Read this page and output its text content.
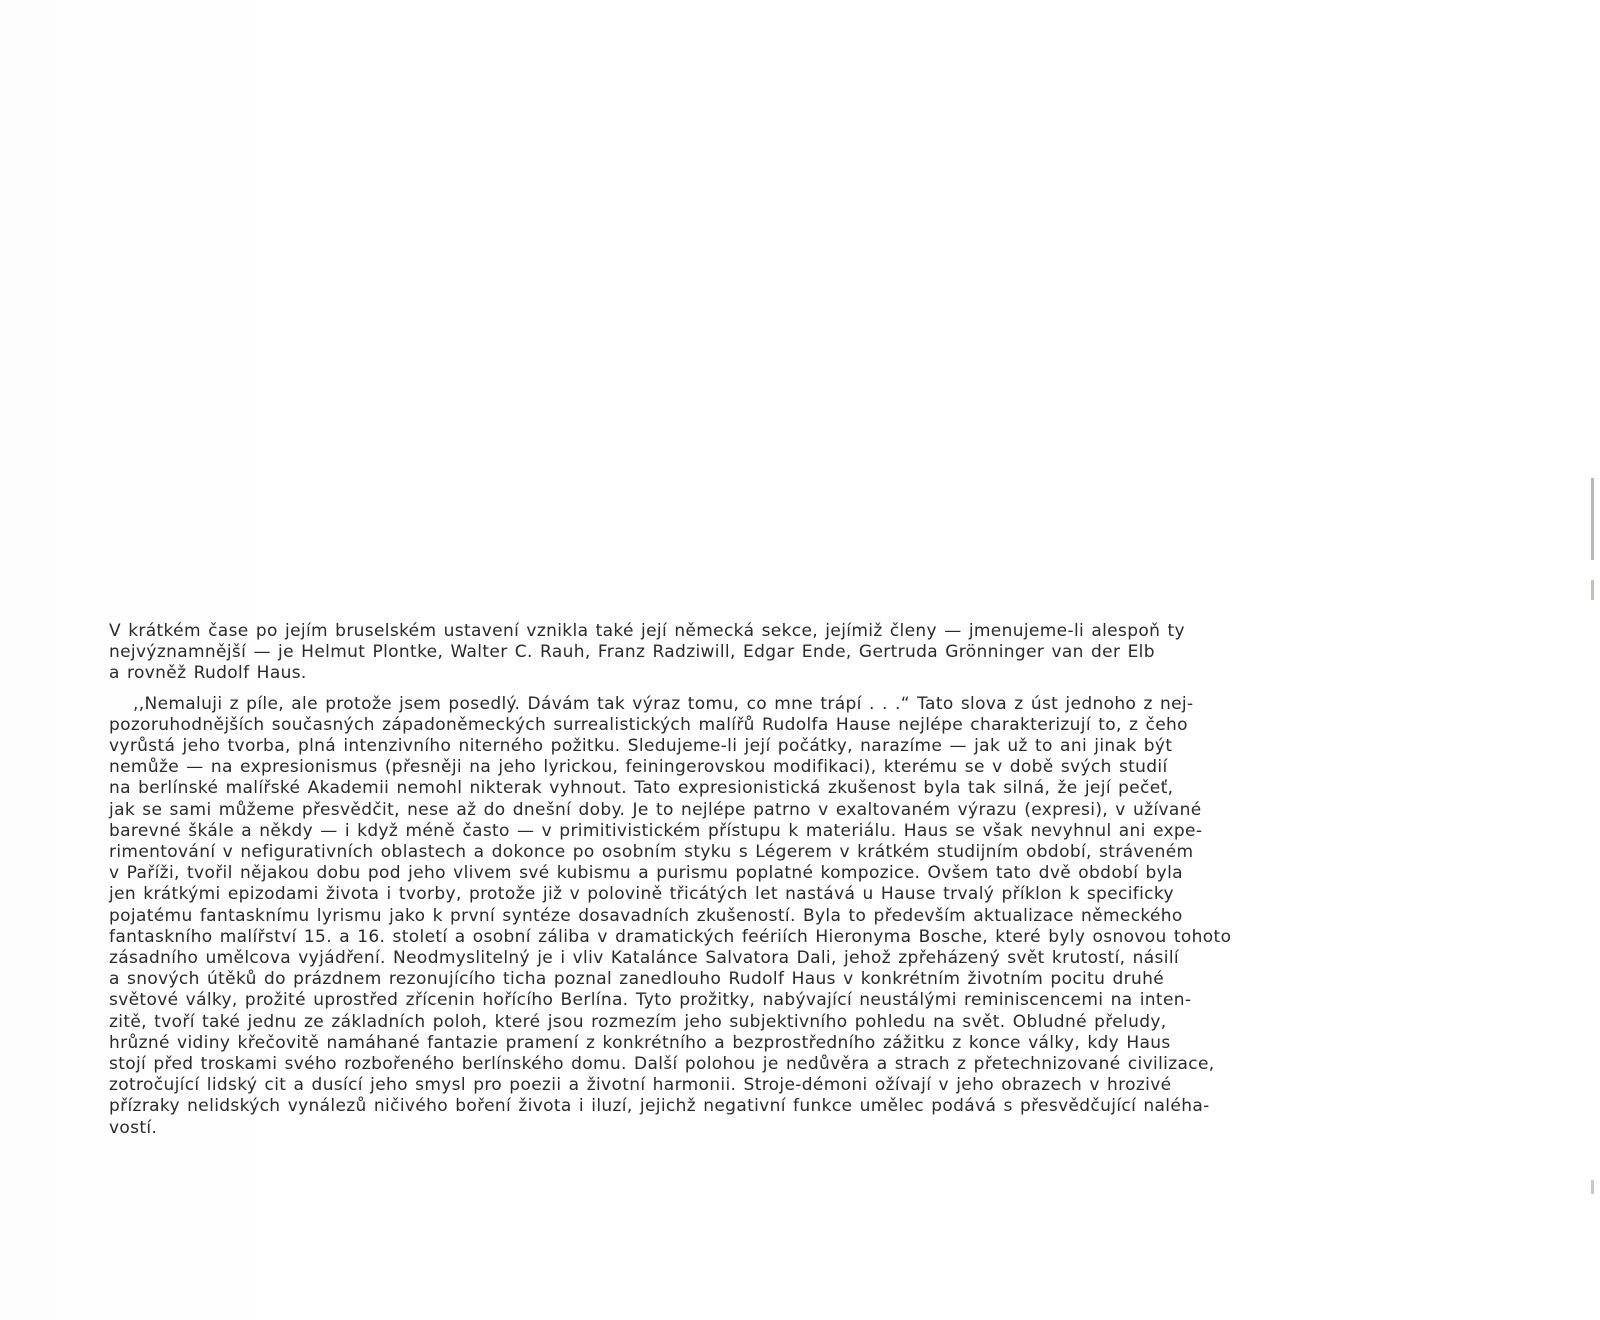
V krátkém čase po jejím bruselském ustavení vznikla také její německá sekce, jejímiž členy — jmenujeme-li alespoň ty
nejvýznamnější — je Helmut Plontke, Walter C. Rauh, Franz Radziwill, Edgar Ende, Gertruda Grönninger van der Elb
a rovněž Rudolf Haus.

,,Nemaluji z píle, ale protože jsem posedlý. Dávám tak výraz tomu, co mne trápí . . .“ Tato slova z úst jednoho z nej-
pozoruhodnějších současných západoněmeckých surrealistických malířů Rudolfa Hause nejlépe charakterizují to, z čeho
vyrůstá jeho tvorba, plná intenzivního niterného požitku. Sledujeme-li její počátky, narazíme — jak už to ani jinak být
nemůže — na expresionismus (přesněji na jeho lyrickou, feiningerovskou modifikaci), kterému se v době svých studií
na berlínské malířské Akademii nemohl nikterak vyhnout. Tato expresionistická zkušenost byla tak silná, že její pečeť,
jak se sami můžeme přesvědčit, nese až do dnešní doby. Je to nejlépe patrno v exaltovaném výrazu (expresi), v užívané
barevné škále a někdy — i když méně často — v primitivistickém přístupu k materiálu. Haus se však nevyhnul ani expe-
rimentování v nefigurativních oblastech a dokonce po osobním styku s Légerem v krátkém studijním období, stráveném
v Paříži, tvořil nějakou dobu pod jeho vlivem své kubismu a purismu poplatné kompozice. Ovšem tato dvě období byla
jen krátkými epizodami života i tvorby, protože již v polovině třicátých let nastává u Hause trvalý příklon k specificky
pojatému fantasknímu lyrismu jako k první syntéze dosavadních zkušeností. Byla to především aktualizace německého
fantaskního malířství 15. a 16. století a osobní záliba v dramatických feériích Hieronyma Bosche, které byly osnovou tohoto
zásadního umělcova vyjádření. Neodmyslitelný je i vliv Katalánce Salvatora Dali, jehož zpřeházený svět krutostí, násilí
a snových útěků do prázdnem rezonujícího ticha poznal zanedlouho Rudolf Haus v konkrétním životním pocitu druhé
světové války, prožité uprostřed zřícenin hořícího Berlína. Tyto prožitky, nabývající neustálými reminiscencemi na inten-
zitě, tvoří také jednu ze základních poloh, které jsou rozmezím jeho subjektivního pohledu na svět. Obludné přeludy,
hrůzné vidiny křečovitě namáhané fantazie pramení z konkrétního a bezprostředního zážitku z konce války, kdy Haus
stojí před troskami svého rozbořeného berlínského domu. Další polohou je nedůvěra a strach z přetechnizované civilizace,
zotročující lidský cit a dusící jeho smysl pro poezii a životní harmonii. Stroje-démoni ožívají v jeho obrazech v hrozivé
přízraky nelidských vynálezů ničivého boření života i iluzí, jejichž negativní funkce umělec podává s přesvědčující naléha-
vostí.
